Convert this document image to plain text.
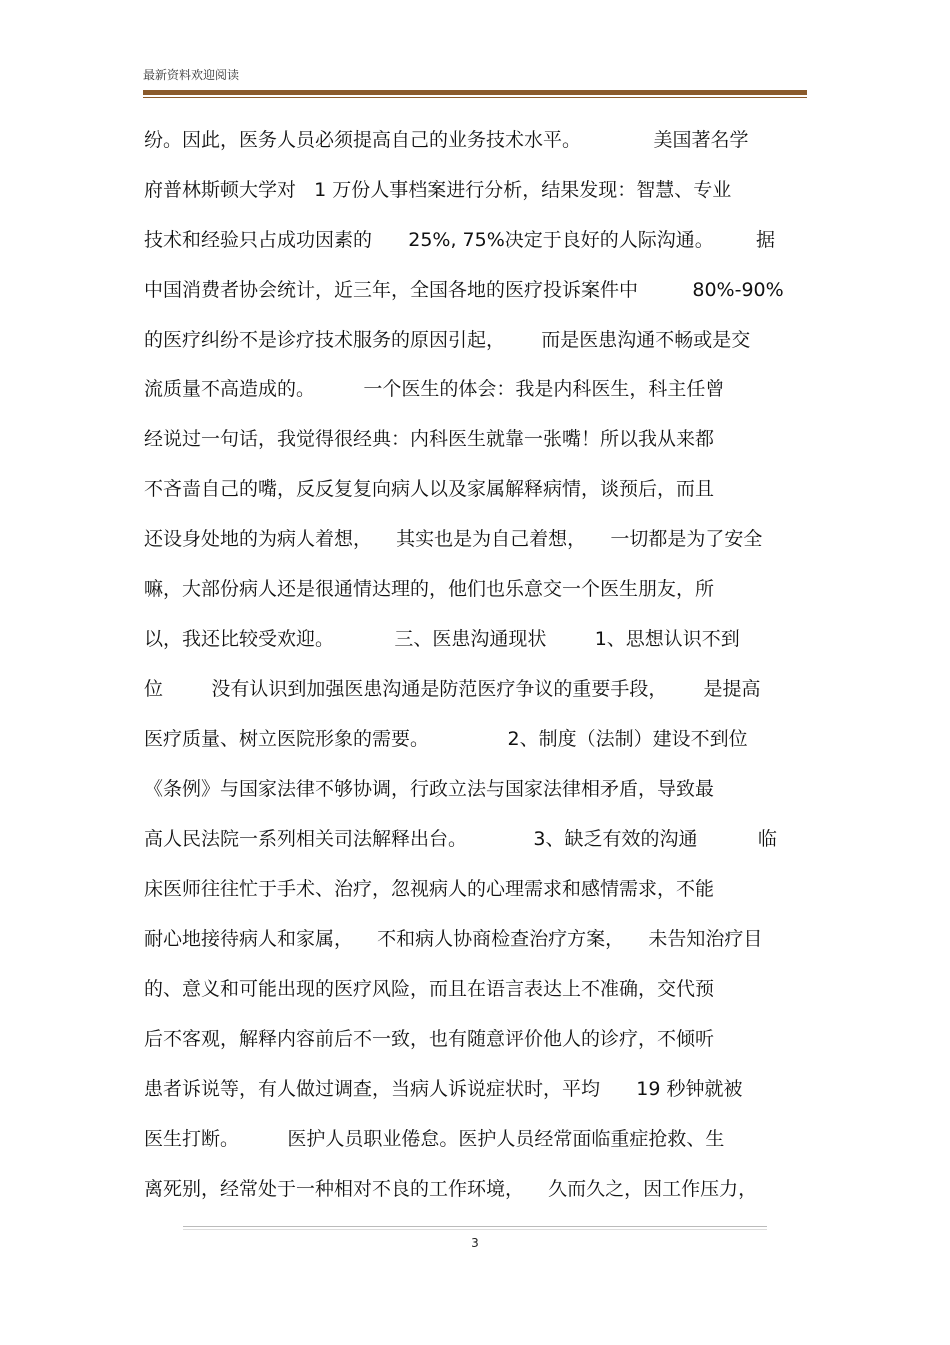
最新资料欢迎阅读
纷。因此，医务人员必须提高自己的业务技术水平。            美国著名学
府普林斯顿大学对   1 万份人事档案进行分析，结果发现：智慧、专业
技术和经验只占成功因素的      25%, 75%决定于良好的人际沟通。       据
中国消费者协会统计，近三年，全国各地的医疗投诉案件中         80%-90%
的医疗纠纷不是诊疗技术服务的原因引起，      而是医患沟通不畅或是交
流质量不高造成的。        一个医生的体会：我是内科医生，科主任曾
经说过一句话，我觉得很经典：内科医生就靠一张嘴！所以我从来都
不吝啬自己的嘴，反反复复向病人以及家属解释病情，谈预后，而且
还设身处地的为病人着想，    其实也是为自己着想，    一切都是为了安全
嘛，大部份病人还是很通情达理的，他们也乐意交一个医生朋友，所
以，我还比较受欢迎。          三、医患沟通现状        1、思想认识不到
位        没有认识到加强医患沟通是防范医疗争议的重要手段，      是提高
医疗质量、树立医院形象的需要。             2、制度（法制）建设不到位
《条例》与国家法律不够协调，行政立法与国家法律相矛盾，导致最
高人民法院一系列相关司法解释出台。           3、缺乏有效的沟通          临
床医师往往忙于手术、治疗，忽视病人的心理需求和感情需求，不能
耐心地接待病人和家属，    不和病人协商检查治疗方案，    未告知治疗目
的、意义和可能出现的医疗风险，而且在语言表达上不准确，交代预
后不客观，解释内容前后不一致，也有随意评价他人的诊疗，不倾听
患者诉说等，有人做过调查，当病人诉说症状时，平均      19 秒钟就被
医生打断。        医护人员职业倦怠。医护人员经常面临重症抢救、生
离死别，经常处于一种相对不良的工作环境，    久而久之，因工作压力，
3
